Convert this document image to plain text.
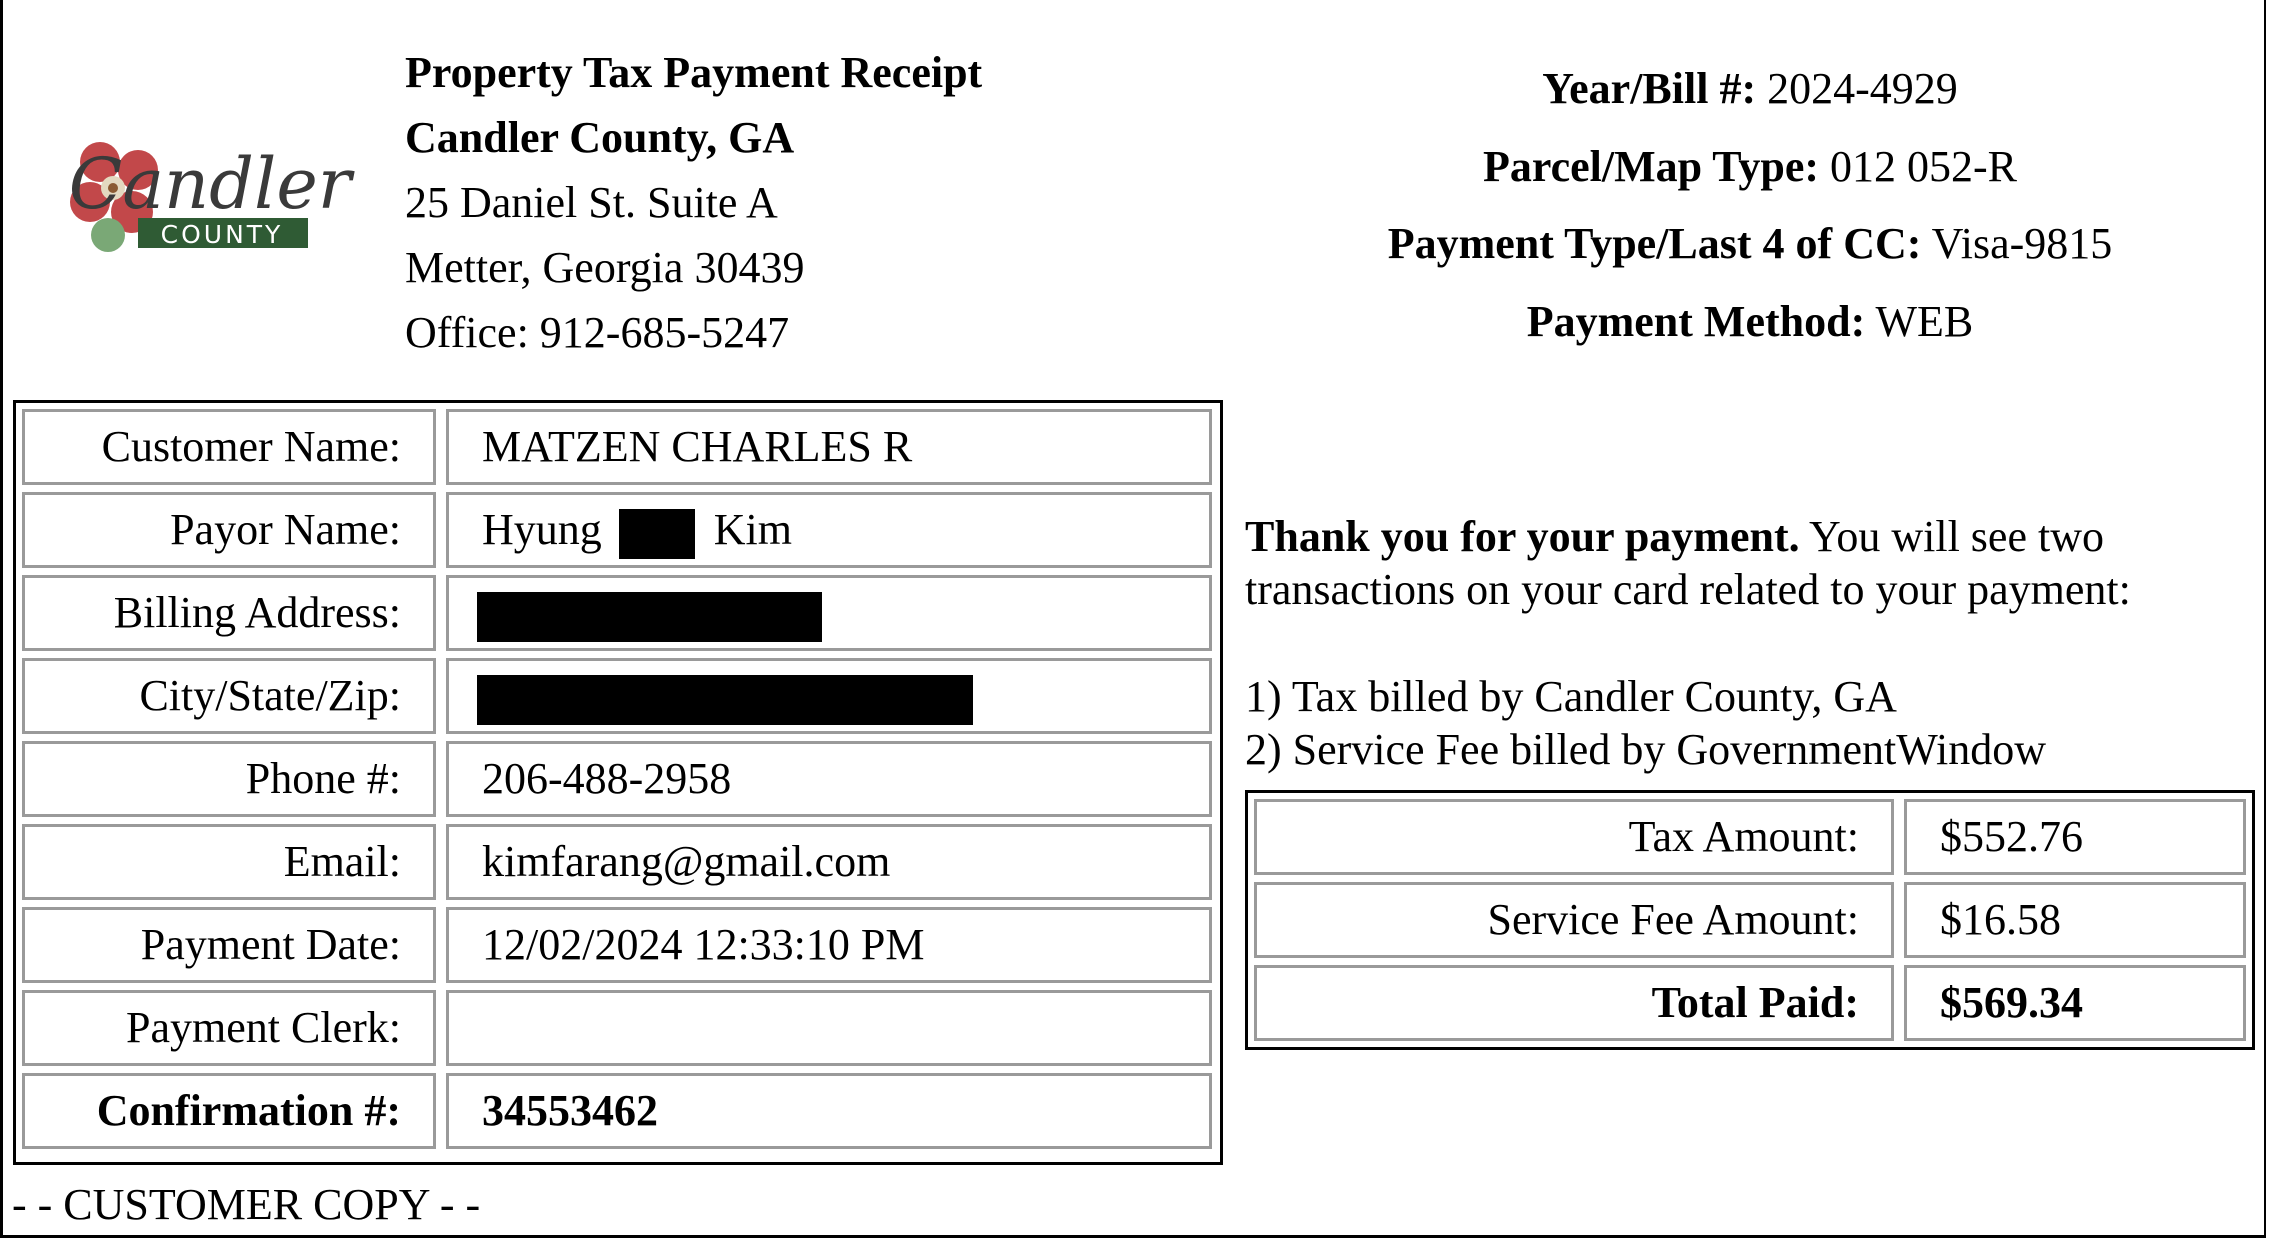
COUNTY
Candler
Property Tax Payment Receipt
Candler County, GA
25 Daniel St. Suite A
Metter, Georgia 30439
Office: 912-685-5247
Year/Bill #: 2024-4929
Parcel/Map Type: 012 052-R
Payment Type/Last 4 of CC: Visa-9815
Payment Method: WEB
Customer Name:	MATZEN CHARLES R
Payor Name:	Hyung	Kim
Billing Address:
City/State/Zip:
Phone #:	206-488-2958
Email:	kimfarang@gmail.com
Payment Date:	12/02/2024 12:33:10 PM
Payment Clerk:
Confirmation #:	34553462
Thank you for your payment. You will see two transactions on your card related to your payment:
1) Tax billed by Candler County, GA
2) Service Fee billed by GovernmentWindow
Tax Amount:	$552.76
Service Fee Amount:	$16.58
Total Paid:	$569.34
- - CUSTOMER COPY - -
